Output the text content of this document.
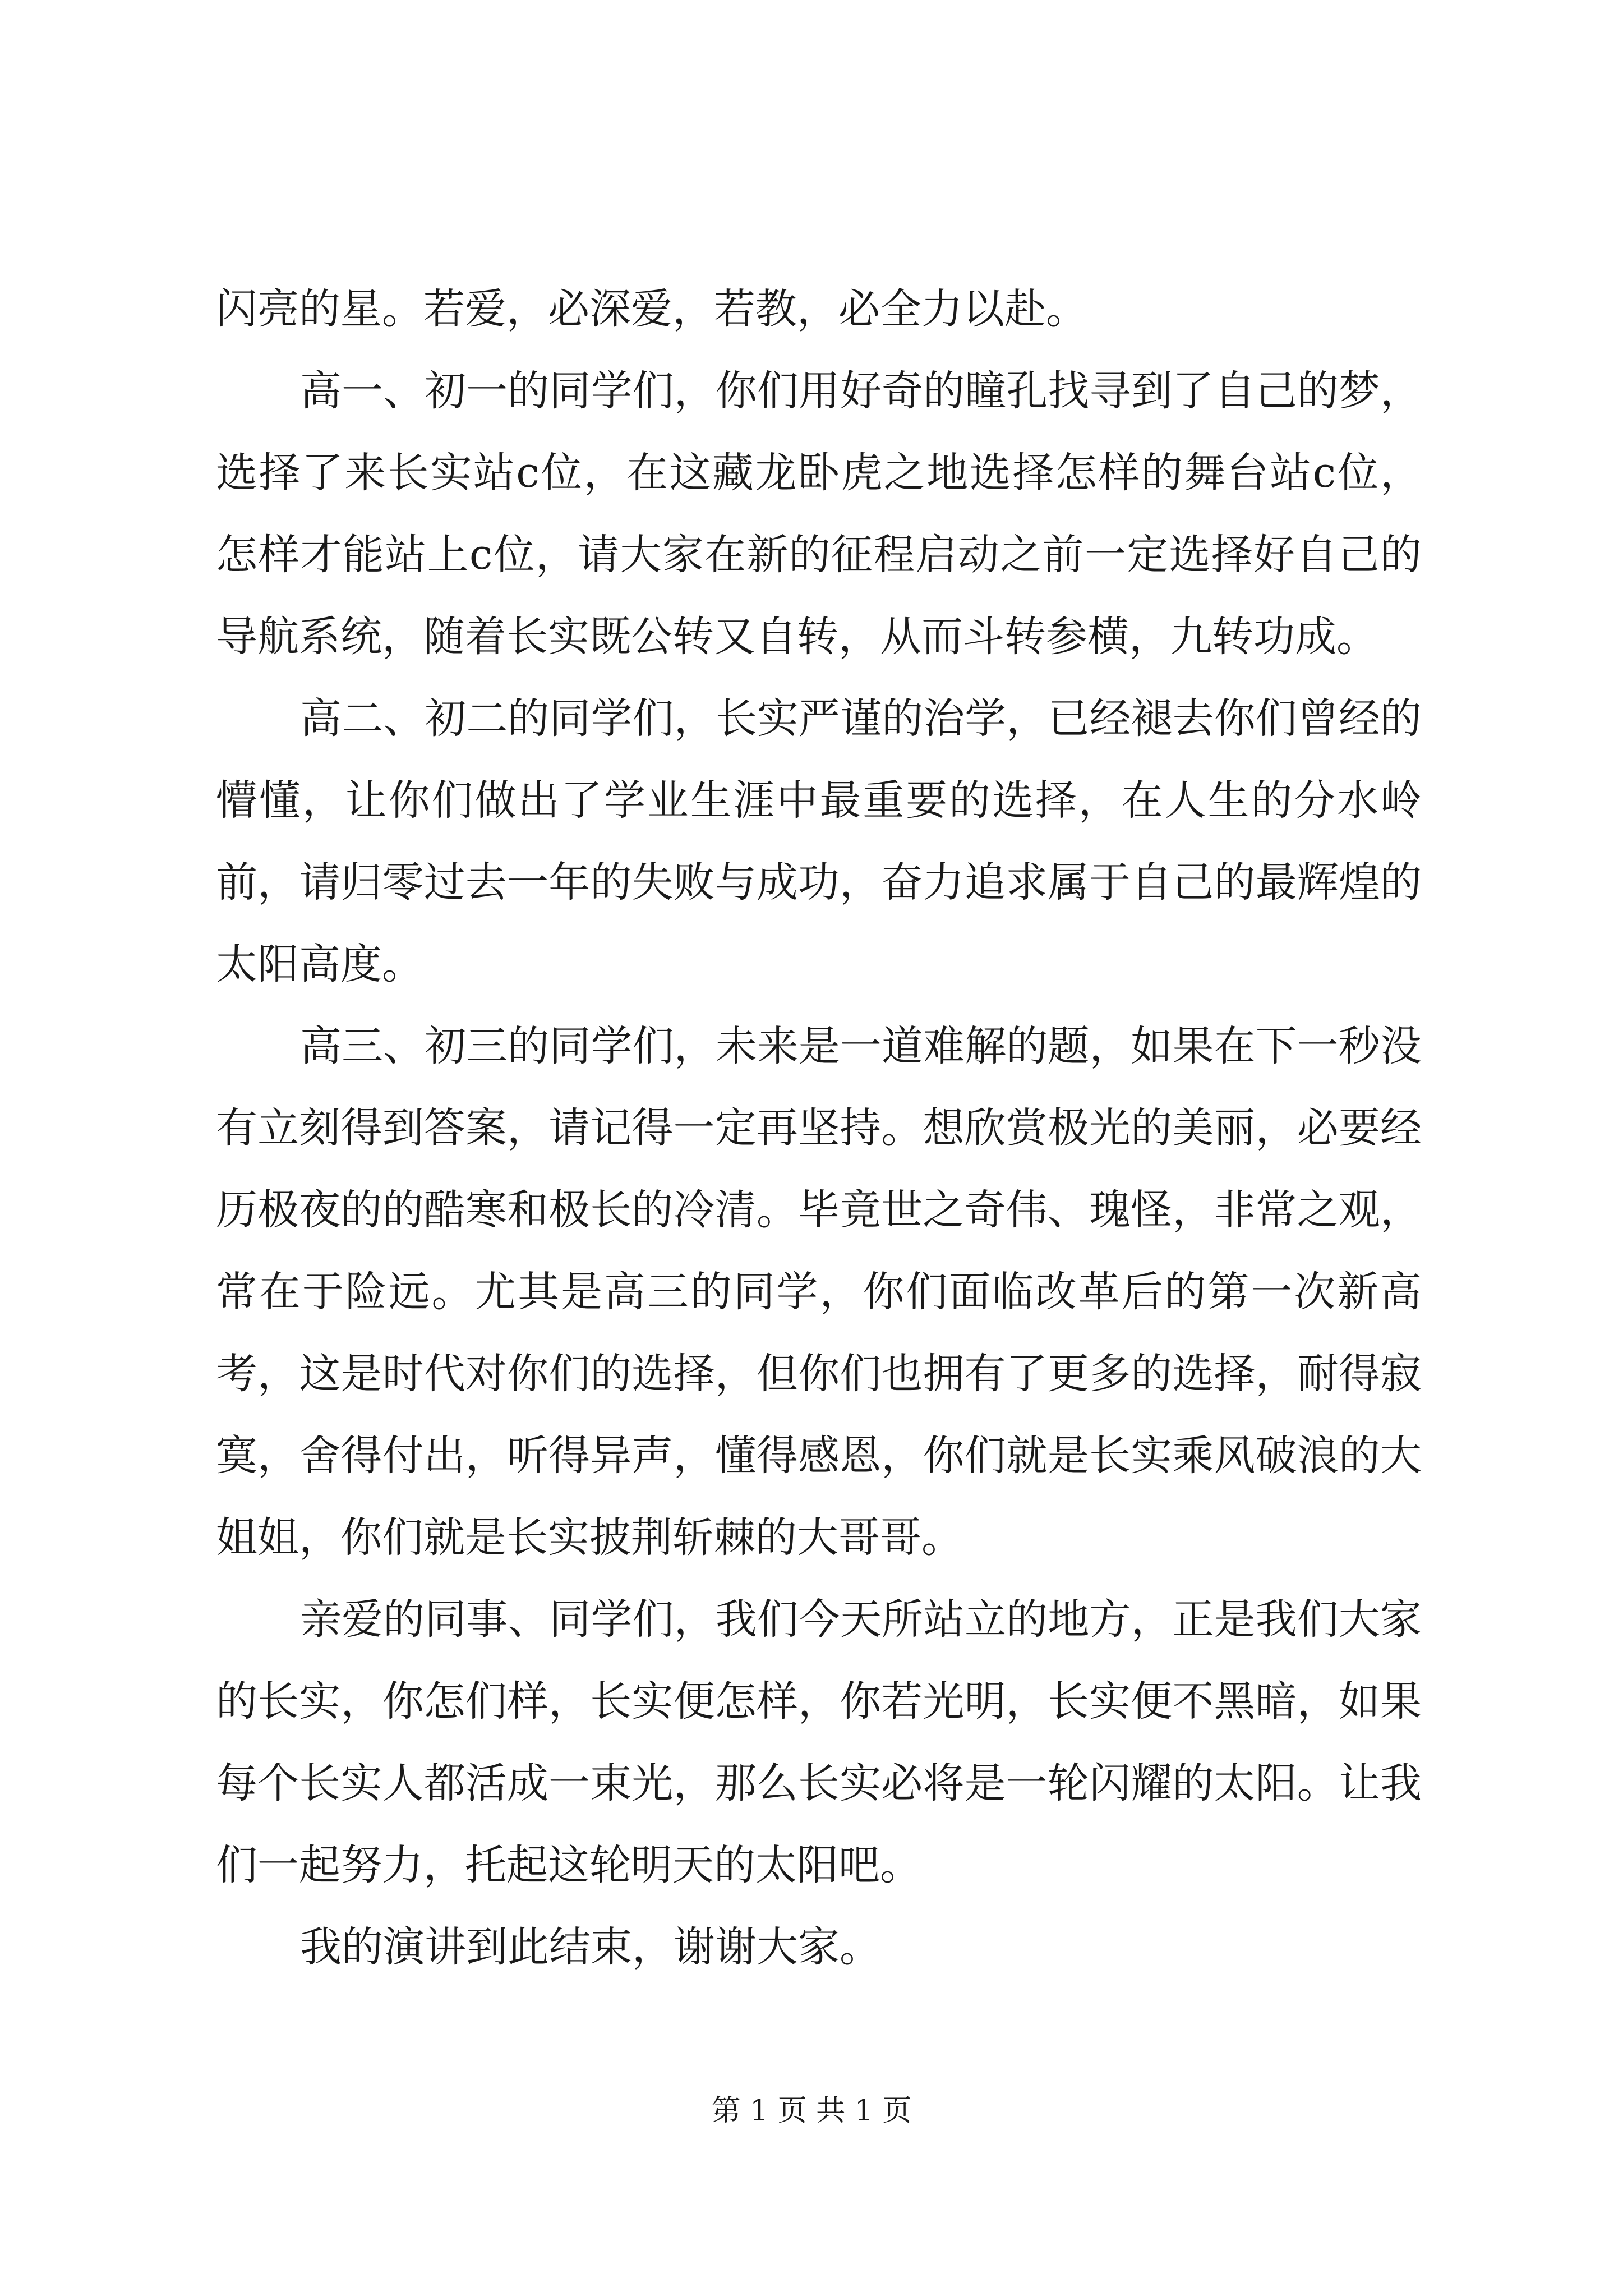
闪亮的星。若爱，必深爱，若教，必全力以赴。

高一、初一的同学们，你们用好奇的瞳孔找寻到了自己的梦，选择了来长实站c位，在这藏龙卧虎之地选择怎样的舞台站c位，怎样才能站上c位，请大家在新的征程启动之前一定选择好自己的导航系统，随着长实既公转又自转，从而斗转参横，九转功成。

高二、初二的同学们，长实严谨的治学，已经褪去你们曾经的懵懂，让你们做出了学业生涯中最重要的选择，在人生的分水岭前，请归零过去一年的失败与成功，奋力追求属于自己的最辉煌的太阳高度。

高三、初三的同学们，未来是一道难解的题，如果在下一秒没有立刻得到答案，请记得一定再坚持。想欣赏极光的美丽，必要经历极夜的的酷寒和极长的冷清。毕竟世之奇伟、瑰怪，非常之观，常在于险远。尤其是高三的同学，你们面临改革后的第一次新高考，这是时代对你们的选择，但你们也拥有了更多的选择，耐得寂寞，舍得付出，听得异声，懂得感恩，你们就是长实乘风破浪的大姐姐，你们就是长实披荆斩棘的大哥哥。

亲爱的同事、同学们，我们今天所站立的地方，正是我们大家的长实，你怎们样，长实便怎样，你若光明，长实便不黑暗，如果每个长实人都活成一束光，那么长实必将是一轮闪耀的太阳。让我们一起努力，托起这轮明天的太阳吧。

我的演讲到此结束，谢谢大家。

第 1 页 共 1 页
